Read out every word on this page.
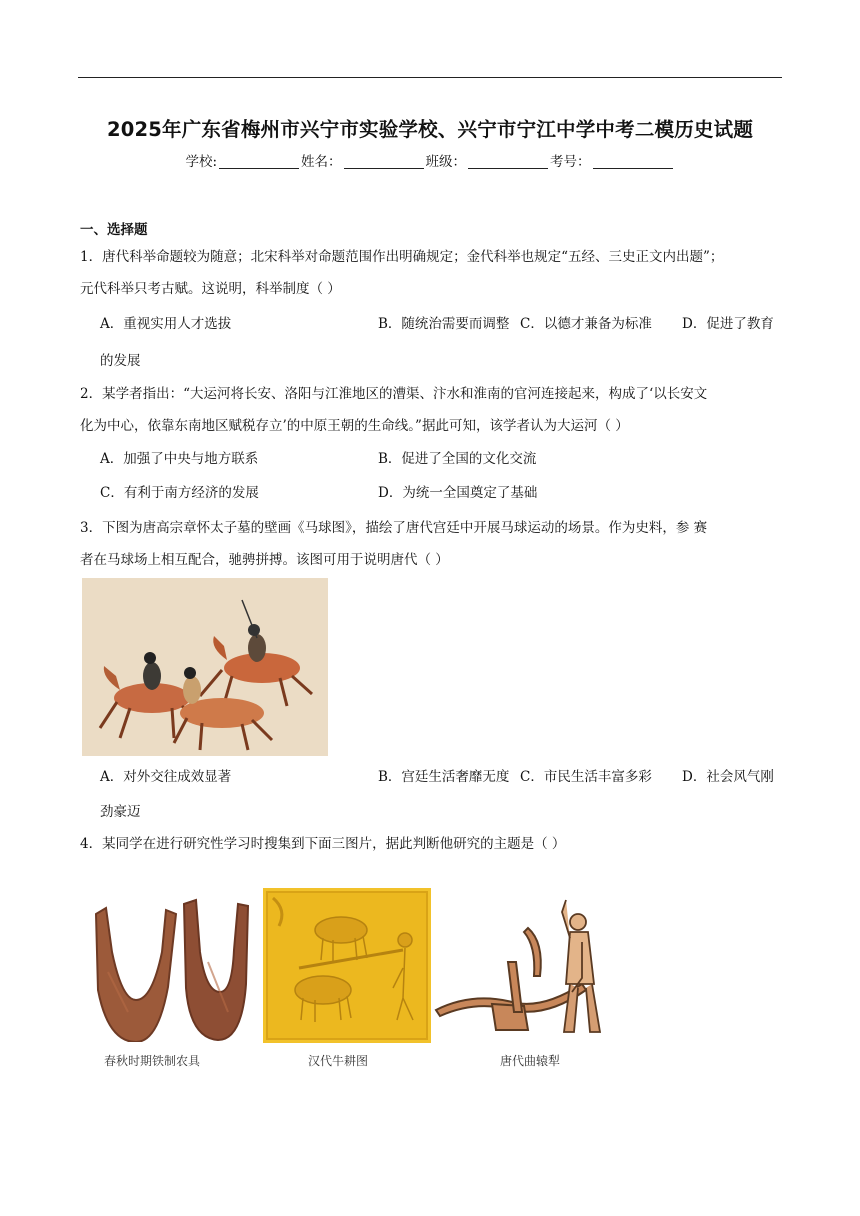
2025年广东省梅州市兴宁市实验学校、兴宁市宁江中学中考二模历史试题
学校:	姓名：	班级：	考号：
一、选择题

1．唐代科举命题较为随意；北宋科举对命题范围作出明确规定；金代科举也规定“五经、三史正文内出题”；

元代科举只考古赋。这说明，科举制度（ ）

A．重视实用人才选拔	B．随统治需要而调整 C．以德才兼备为标准 D．促进了教育
的发展

2．某学者指出：“大运河将长安、洛阳与江淮地区的漕渠、汴水和淮南的官河连接起来，构成了‘以长安文

化为中心，依靠东南地区赋税存立’的中原王朝的生命线。”据此可知，该学者认为大运河（ ）

A．加强了中央与地方联系	B．促进了全国的文化交流
C．有利于南方经济的发展	D．为统一全国奠定了基础

3．下图为唐高宗章怀太子墓的壁画《马球图》，描绘了唐代宫廷中开展马球运动的场景。作为史料，参 赛

者在马球场上相互配合，驰骋拼搏。该图可用于说明唐代（ ）

A．对外交往成效显著	B．宫廷生活奢靡无度 C．市民生活丰富多彩 D．社会风气刚
劲豪迈

4．某同学在进行研究性学习时搜集到下面三图片，据此判断他研究的主题是（ ）

春秋时期铁制农具	汉代牛耕图	唐代曲辕犁
